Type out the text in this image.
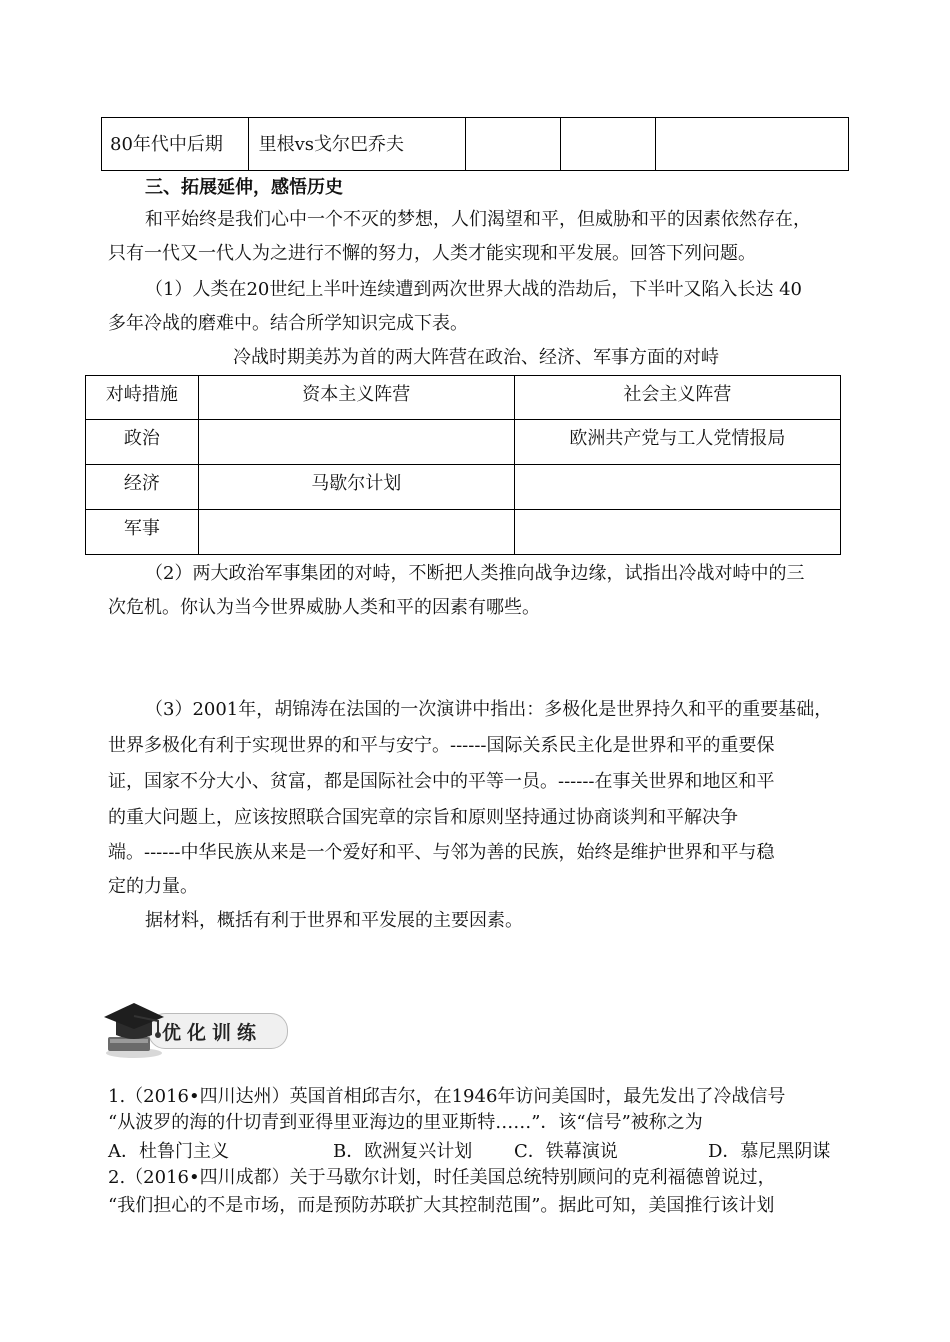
80年代中后期	里根vs戈尔巴乔夫			
三、拓展延伸，感悟历史
和平始终是我们心中一个不灭的梦想，人们渴望和平，但威胁和平的因素依然存在，
只有一代又一代人为之进行不懈的努力，人类才能实现和平发展。回答下列问题。
（1）人类在20世纪上半叶连续遭到两次世界大战的浩劫后，下半叶又陷入长达 40
多年冷战的磨难中。结合所学知识完成下表。
冷战时期美苏为首的两大阵营在政治、经济、军事方面的对峙
对峙措施	资本主义阵营	社会主义阵营
政治		欧洲共产党与工人党情报局
经济	马歇尔计划	
军事		
（2）两大政治军事集团的对峙，不断把人类推向战争边缘，试指出冷战对峙中的三
次危机。你认为当今世界威胁人类和平的因素有哪些。
（3）2001年，胡锦涛在法国的一次演讲中指出：多极化是世界持久和平的重要基础，
世界多极化有利于实现世界的和平与安宁。------国际关系民主化是世界和平的重要保
证，国家不分大小、贫富，都是国际社会中的平等一员。------在事关世界和地区和平
的重大问题上，应该按照联合国宪章的宗旨和原则坚持通过协商谈判和平解决争
端。------中华民族从来是一个爱好和平、与邻为善的民族，始终是维护世界和平与稳
定的力量。
据材料，概括有利于世界和平发展的主要因素。
优化训练
1.（2016•四川达州）英国首相邱吉尔，在1946年访问美国时，最先发出了冷战信号
“从波罗的海的什切青到亚得里亚海边的里亚斯特……”．该“信号”被称之为
A．杜鲁门主义	B．欧洲复兴计划 C．铁幕演说	D．慕尼黑阴谋
2.（2016•四川成都）关于马歇尔计划，时任美国总统特别顾问的克利福德曾说过，
“我们担心的不是市场，而是预防苏联扩大其控制范围”。据此可知，美国推行该计划
